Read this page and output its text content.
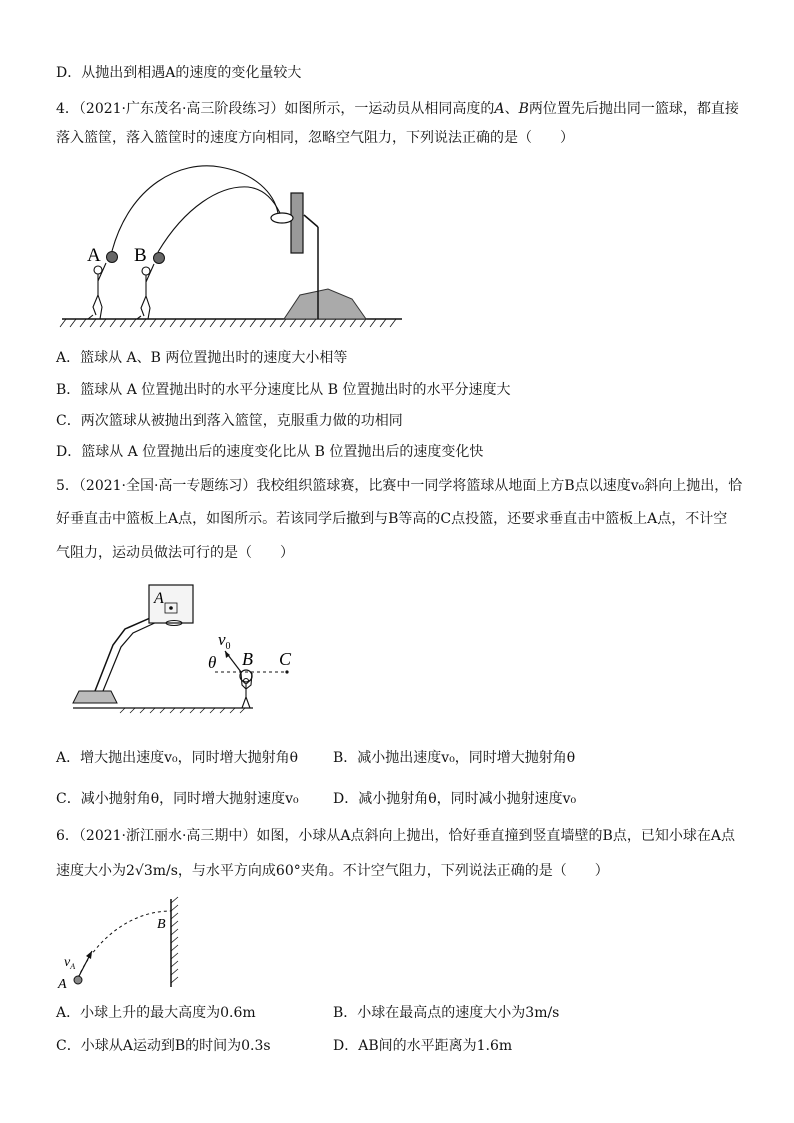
D．从抛出到相遇A的速度的变化量较大
4．（2021·广东茂名·高三阶段练习）如图所示，一运动员从相同高度的A、B两位置先后抛出同一篮球，都直接
落入篮筐，落入篮筐时的速度方向相同，忽略空气阻力，下列说法正确的是（　　）
A B
A．篮球从 A、B 两位置抛出时的速度大小相等
B．篮球从 A 位置抛出时的水平分速度比从 B 位置抛出时的水平分速度大
C．两次篮球从被抛出到落入篮筐，克服重力做的功相同
D．篮球从 A 位置抛出后的速度变化比从 B 位置抛出后的速度变化快
5．（2021·全国·高一专题练习）我校组织篮球赛，比赛中一同学将篮球从地面上方B点以速度v₀斜向上抛出，恰
好垂直击中篮板上A点，如图所示。若该同学后撤到与B等高的C点投篮，还要求垂直击中篮板上A点，不计空
气阻力，运动员做法可行的是（　　）
A
$v_0$
θ B C
A．增大抛出速度v₀，同时增大抛射角θ B．减小抛出速度v₀，同时增大抛射角θ
C．减小抛射角θ，同时增大抛射速度v₀ D．减小抛射角θ，同时减小抛射速度v₀
6．（2021·浙江丽水·高三期中）如图，小球从A点斜向上抛出，恰好垂直撞到竖直墙壁的B点，已知小球在A点
速度大小为2√3m/s，与水平方向成60°夹角。不计空气阻力，下列说法正确的是（　　）
B
$v_A$
A
A．小球上升的最大高度为0.6m	B．小球在最高点的速度大小为3m/s
C．小球从A运动到B的时间为0.3s	D．AB间的水平距离为1.6m
